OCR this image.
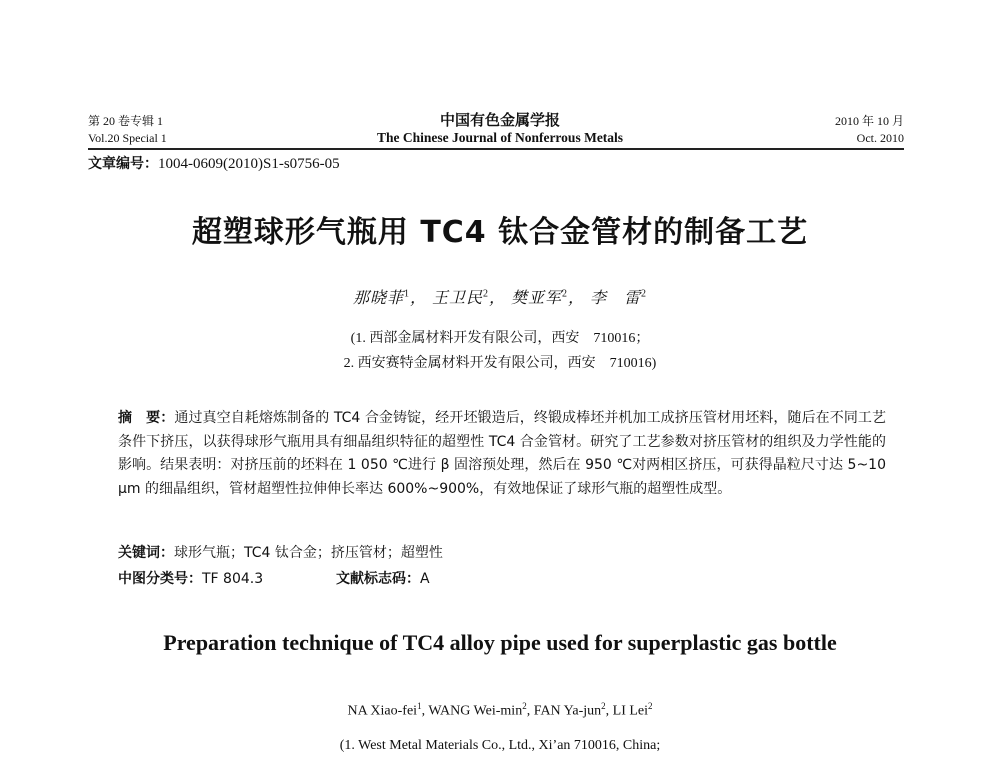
第 20 卷专辑 1
Vol.20 Special 1
中国有色金属学报
The Chinese Journal of Nonferrous Metals
2010 年 10 月
Oct. 2010
文章编号：1004-0609(2010)S1-s0756-05
超塑球形气瓶用 TC4 钛合金管材的制备工艺
那晓菲$^1$， 王卫民$^2$， 樊亚军$^2$， 李　雷$^2$
(1. 西部金属材料开发有限公司，西安　710016；
2. 西安赛特金属材料开发有限公司，西安　710016)
摘　要：通过真空自耗熔炼制备的 TC4 合金铸锭，经开坯锻造后，终锻成棒坯并机加工成挤压管材用坯料，随后在不同工艺条件下挤压，以获得球形气瓶用具有细晶组织特征的超塑性 TC4 合金管材。研究了工艺参数对挤压管材的组织及力学性能的影响。结果表明：对挤压前的坯料在 1 050 ℃进行 β 固溶预处理，然后在 950 ℃对两相区挤压，可获得晶粒尺寸达 5~10 μm 的细晶组织，管材超塑性拉伸伸长率达 600%~900%，有效地保证了球形气瓶的超塑性成型。
关键词：球形气瓶；TC4 钛合金；挤压管材；超塑性
中图分类号：TF 804.3	文献标志码：A
Preparation technique of TC4 alloy pipe used for superplastic gas bottle
NA Xiao-fei$^1$, WANG Wei-$\min^2$, FAN Ya-jun$^2$, LI Lei$^2$
(1. West Metal Materials Co., Ltd., Xi’an 710016, China;
